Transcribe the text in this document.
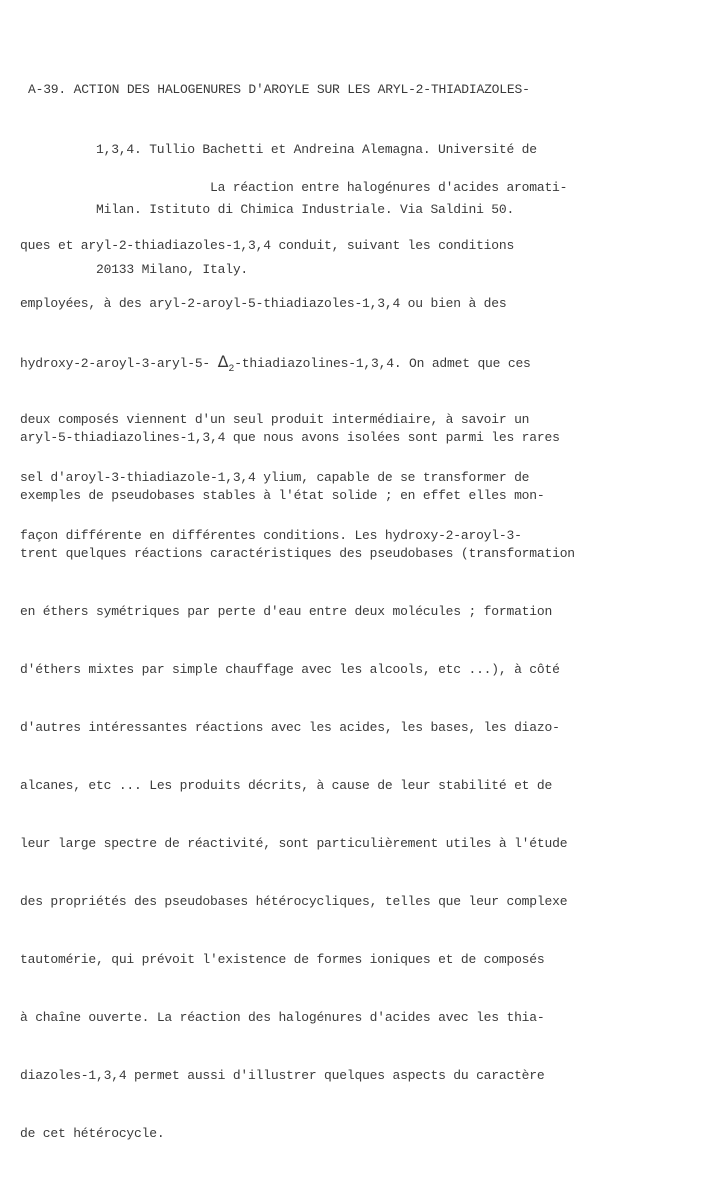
A-39. ACTION DES HALOGENURES D'AROYLE SUR LES ARYL-2-THIADIAZOLES-

1,3,4. Tullio Bachetti et Andreina Alemagna. Université de

Milan. Istituto di Chimica Industriale. Via Saldini 50.

20133 Milano, Italy.

La réaction entre halogénures d'acides aromati-

ques et aryl-2-thiadiazoles-1,3,4 conduit, suivant les conditions

employées, à des aryl-2-aroyl-5-thiadiazoles-1,3,4 ou bien à des

hydroxy-2-aroyl-3-aryl-5- $\Delta_2-thiadiazolines-1,3,4$. On admet que ces

deux composés viennent d'un seul produit intermédiaire, à savoir un

sel d'aroyl-3-thiadiazole-1,3,4 ylium, capable de se transformer de

façon différente en différentes conditions. Les hydroxy-2-aroyl-3-

aryl-5-thiadiazolines-1,3,4 que nous avons isolées sont parmi les rares

exemples de pseudobases stables à l'état solide ; en effet elles mon-

trent quelques réactions caractéristiques des pseudobases (transformation

en éthers symétriques par perte d'eau entre deux molécules ; formation

d'éthers mixtes par simple chauffage avec les alcools, etc ...), à côté

d'autres intéressantes réactions avec les acides, les bases, les diazo-

alcanes, etc ... Les produits décrits, à cause de leur stabilité et de

leur large spectre de réactivité, sont particulièrement utiles à l'étude

des propriétés des pseudobases hétérocycliques, telles que leur complexe

tautomérie, qui prévoit l'existence de formes ioniques et de composés

à chaîne ouverte. La réaction des halogénures d'acides avec les thia-

diazoles-1,3,4 permet aussi d'illustrer quelques aspects du caractère

de cet hétérocycle.
